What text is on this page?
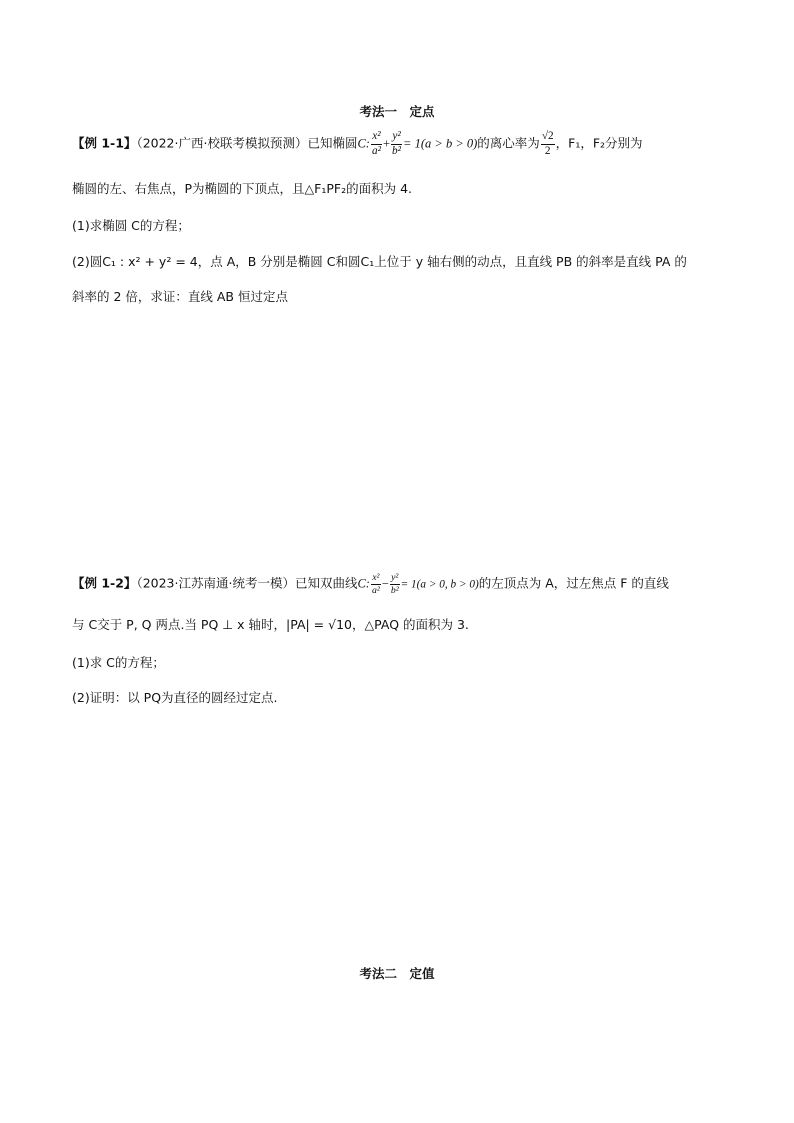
考法一　定点
【例 1-1】（2022·广西·校联考模拟预测）已知椭圆C: $\frac{\text{x²}}{\text{a²}} + \frac{\text{y²}}{\text{b²}} = 1(a > b > 0)$的离心率为 $\frac{√2}{2}$ ，F₁，F₂分别为
椭圆的左、右焦点，P为椭圆的下顶点，且△F₁PF₂的面积为 4.
(1)求椭圆 C的方程；
(2)圆C₁ : x² + y² = 4，点 A，B 分别是椭圆 C和圆C₁上位于 y 轴右侧的动点，且直线 PB 的斜率是直线 PA 的
斜率的 2 倍，求证：直线 AB 恒过定点
【例 1-2】（2023·江苏南通·统考一模）已知双曲线C: $\frac{\text{x²}}{\text{a²}} - \frac{\text{y²}}{\text{b²}} = 1(a > 0$, b > 0)的左顶点为 A，过左焦点 F 的直线
与 C交于 P, Q 两点.当 PQ ⊥ x 轴时，|PA| = √10，△PAQ 的面积为 3.
(1)求 C的方程；
(2)证明：以 PQ为直径的圆经过定点.
考法二　定值
